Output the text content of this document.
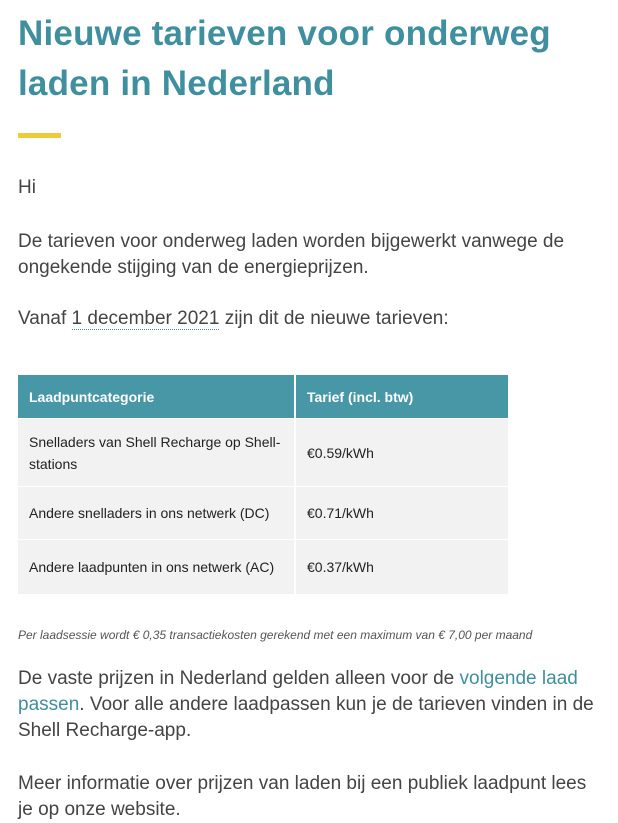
Nieuwe tarieven voor onderweg laden in Nederland

Hi

De tarieven voor onderweg laden worden bijgewerkt vanwege de ongekende stijging van de energieprijzen.

Vanaf 1 december 2021 zijn dit de nieuwe tarieven:

Laadpuntcategorie	Tarief (incl. btw)
Snelladers van Shell Recharge op Shell-stations	€0.59/kWh
Andere snelladers in ons netwerk (DC)	€0.71/kWh
Andere laadpunten in ons netwerk (AC)	€0.37/kWh

Per laadsessie wordt € 0,35 transactiekosten gerekend met een maximum van € 7,00 per maand

De vaste prijzen in Nederland gelden alleen voor de volgende laad passen. Voor alle andere laadpassen kun je de tarieven vinden in de Shell Recharge-app.

Meer informatie over prijzen van laden bij een publiek laadpunt lees je op onze website.
